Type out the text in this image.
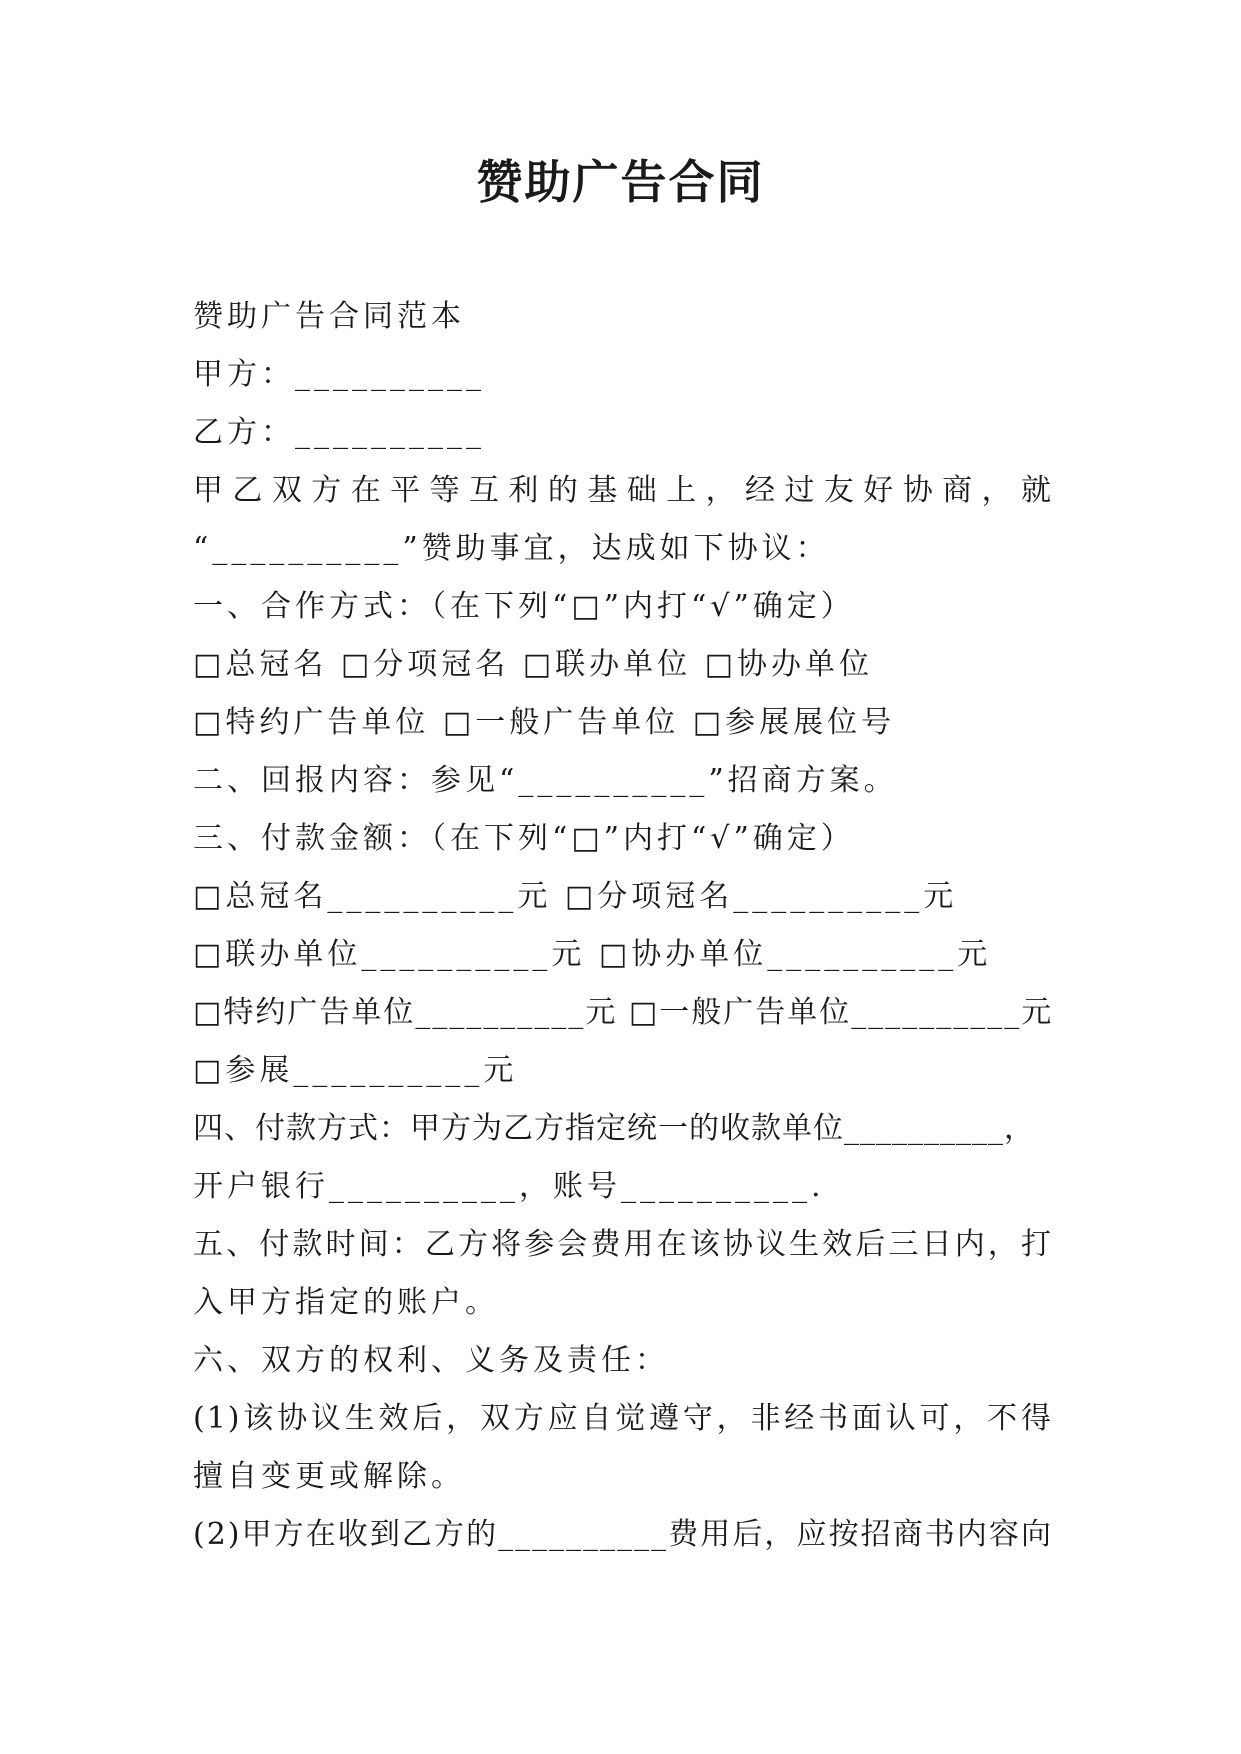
赞助广告合同
赞助广告合同范本
甲方：__________
乙方：__________
甲乙双方在平等互利的基础上，经过友好协商，就
“__________”赞助事宜，达成如下协议：
一、合作方式：（在下列“□”内打“√”确定）
□总冠名 □分项冠名 □联办单位 □协办单位
□特约广告单位 □一般广告单位 □参展展位号
二、回报内容：参见“__________”招商方案。
三、付款金额：（在下列“□”内打“√”确定）
□总冠名__________元 □分项冠名__________元
□联办单位__________元 □协办单位__________元
□特约广告单位__________元 □一般广告单位__________元
□参展__________元
四、付款方式：甲方为乙方指定统一的收款单位__________，
开户银行__________，账号__________.
五、付款时间：乙方将参会费用在该协议生效后三日内，打
入甲方指定的账户。
六、双方的权利、义务及责任：
(1)该协议生效后，双方应自觉遵守，非经书面认可，不得
擅自变更或解除。
(2)甲方在收到乙方的__________费用后，应按招商书内容向
